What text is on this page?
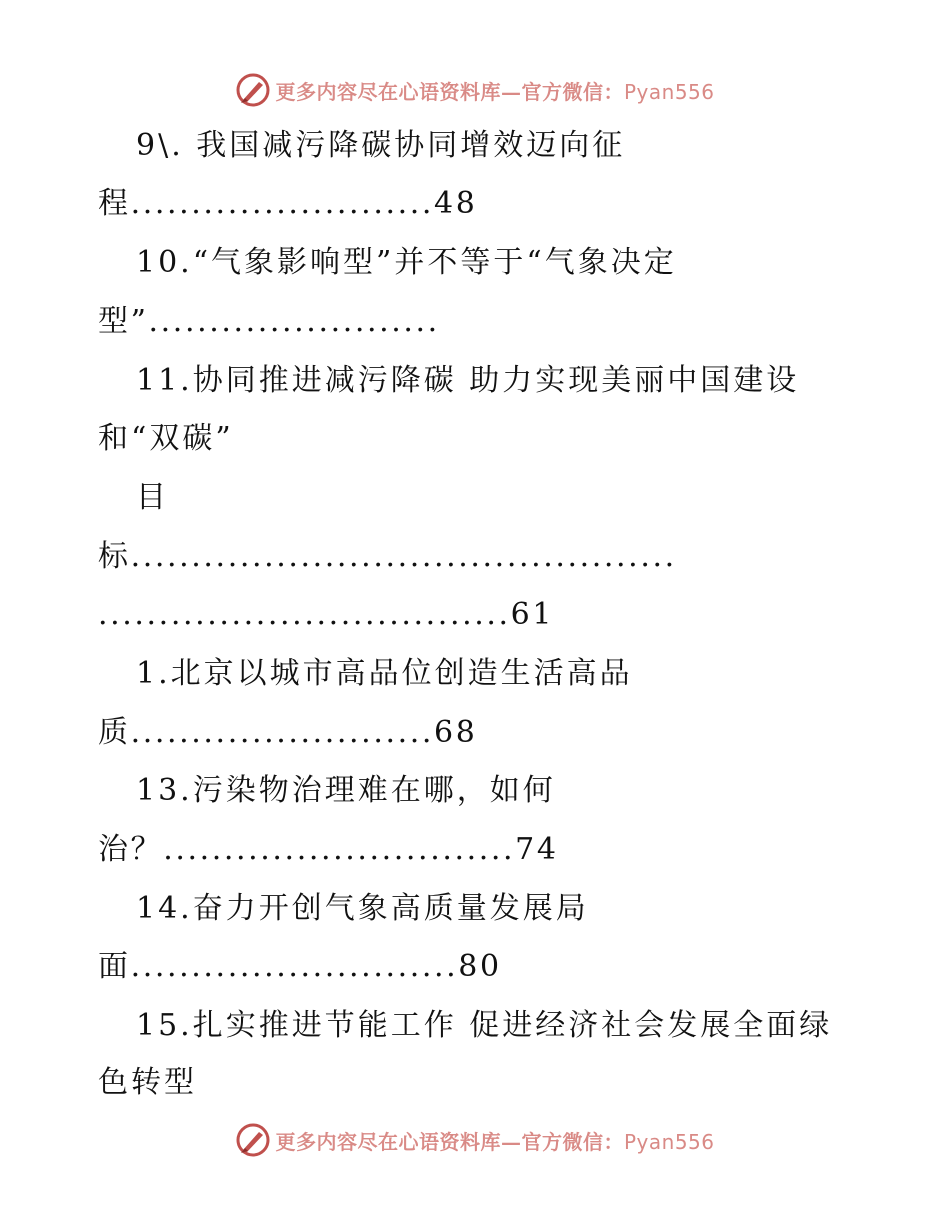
更多内容尽在心语资料库—官方微信：Pyan556
9\. 我国减污降碳协同增效迈向征
程.........................48
10.“气象影响型”并不等于“气象决定
型”........................
11.协同推进减污降碳 助力实现美丽中国建设
和“双碳”
目
标.............................................
..................................61
1.北京以城市高品位创造生活高品
质.........................68
13.污染物治理难在哪，如何
治？.............................74
14.奋力开创气象高质量发展局
面...........................80
15.扎实推进节能工作 促进经济社会发展全面绿
色转型
更多内容尽在心语资料库—官方微信：Pyan556
